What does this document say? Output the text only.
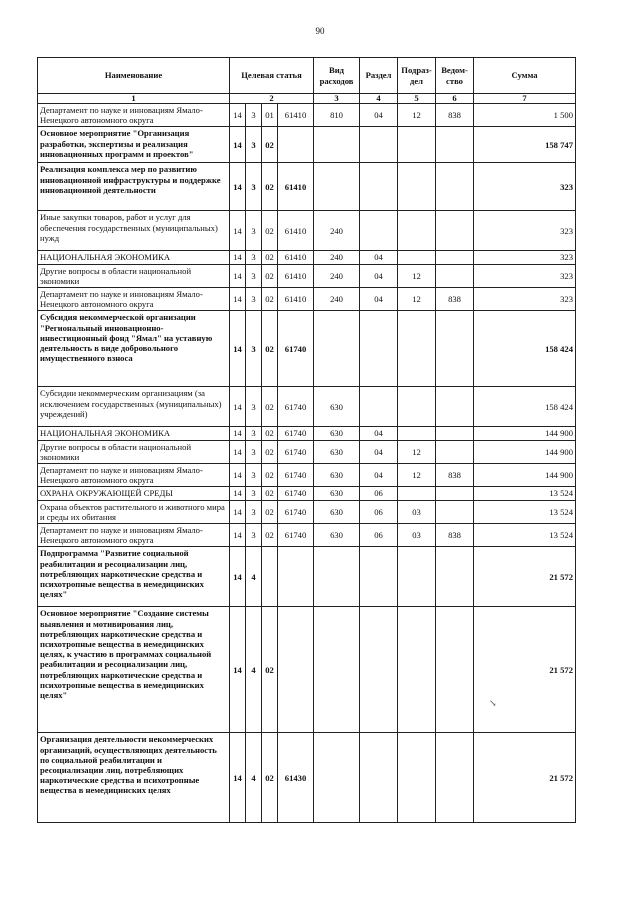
90
Наименование	Целевая статья				Вид расходов	Раздел	Подраз- дел	Ведом- ство	Сумма
1	2				3	4	5	6	7
Департамент по науке и инновациям Ямало-Ненецкого автономного округа	14	3	01	61410	810	04	12	838	1 500
Основное мероприятие "Организация разработки, экспертизы и реализация инновационных программ и проектов"	14	3	02						158 747
Реализация комплекса мер по развитию инновационной инфраструктуры и поддержке инновационной деятельности	14	3	02	61410					323
Иные закупки товаров, работ и услуг для обеспечения государственных (муниципальных) нужд	14	3	02	61410	240				323
НАЦИОНАЛЬНАЯ ЭКОНОМИКА	14	3	02	61410	240	04			323
Другие вопросы в области национальной экономики	14	3	02	61410	240	04	12		323
Департамент по науке и инновациям Ямало-Ненецкого автономного округа	14	3	02	61410	240	04	12	838	323
Субсидия некоммерческой организации "Региональный инновационно-инвестиционный фонд "Ямал" на уставную деятельность в виде добровольного имущественного взноса	14	3	02	61740					158 424
Субсидии некоммерческим организациям (за исключением государственных (муниципальных) учреждений)	14	3	02	61740	630				158 424
НАЦИОНАЛЬНАЯ ЭКОНОМИКА	14	3	02	61740	630	04			144 900
Другие вопросы в области национальной экономики	14	3	02	61740	630	04	12		144 900
Департамент по науке и инновациям Ямало-Ненецкого автономного округа	14	3	02	61740	630	04	12	838	144 900
ОХРАНА ОКРУЖАЮЩЕЙ СРЕДЫ	14	3	02	61740	630	06			13 524
Охрана объектов растительного и животного мира и среды их обитания	14	3	02	61740	630	06	03		13 524
Департамент по науке и инновациям Ямало-Ненецкого автономного округа	14	3	02	61740	630	06	03	838	13 524
Подпрограмма "Развитие социальной реабилитации и ресоциализации лиц, потребляющих наркотические средства и психотропные вещества в немедицинских целях"	14	4							21 572
Основное мероприятие "Создание системы выявления и мотивирования лиц, потребляющих наркотические средства и психотропные вещества в немедицинских целях, к участию в программах социальной реабилитации и ресоциализации лиц, потребляющих наркотические средства и психотропные вещества в немедицинских целях"	14	4	02						21 572
Организация деятельности некоммерческих организаций, осуществляющих деятельность по социальной реабилитации и ресоциализации лиц, потребляющих наркотические средства и психотропные вещества в немедицинских целях	14	4	02	61430					21 572
↘
